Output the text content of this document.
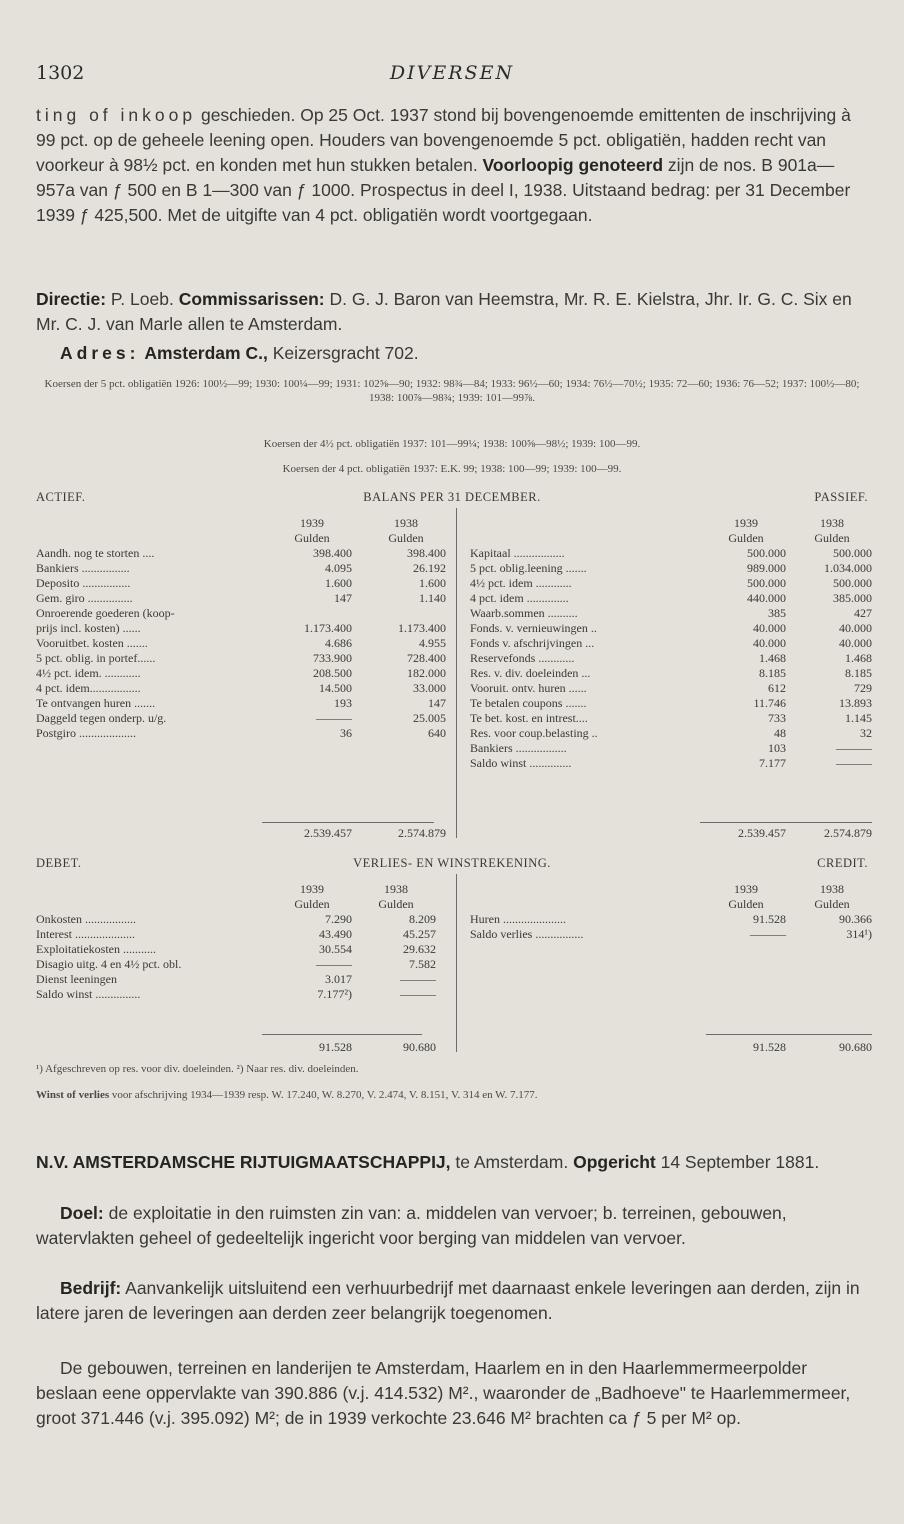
1302	DIVERSEN
ting of inkoop geschieden. Op 25 Oct. 1937 stond bij bovengenoemde emittenten de inschrijving à 99 pct. op de geheele leening open. Houders van bovengenoemde 5 pct. obligatiën, hadden recht van voorkeur à 98½ pct. en konden met hun stukken betalen. Voorloopig genoteerd zijn de nos. B 901a—957a van ƒ 500 en B 1—300 van ƒ 1000. Prospectus in deel I, 1938. Uitstaand bedrag: per 31 December 1939 ƒ 425,500. Met de uitgifte van 4 pct. obligatiën wordt voortgegaan.
Directie: P. Loeb. Commissarissen: D. G. J. Baron van Heemstra, Mr. R. E. Kielstra, Jhr. Ir. G. C. Six en Mr. C. J. van Marle allen te Amsterdam.
Adres: Amsterdam C., Keizersgracht 702.
Koersen der 5 pct. obligatiën 1926: 100½—99; 1930: 100¼—99; 1931: 102⅝—90; 1932: 98¾—84; 1933: 96½—60; 1934: 76½—70½; 1935: 72—60; 1936: 76—52; 1937: 100½—80; 1938: 100⅞—98¾; 1939: 101—99⅞.
Koersen der 4½ pct. obligatiën 1937: 101—99¼; 1938: 100⅝—98½; 1939: 100—99.
Koersen der 4 pct. obligatiën 1937: E.K. 99; 1938: 100—99; 1939: 100—99.
ACTIEF.	BALANS PER 31 DECEMBER.	PASSIEF.
1939	1938
Gulden	Gulden
Aandh. nog te storten ....	398.400	398.400
Bankiers ................	4.095	26.192
Deposito ................	1.600	1.600
Gem. giro ...............	147	1.140
Onroerende goederen (koop-
prijs incl. kosten) ......	1.173.400	1.173.400
Vooruitbet. kosten .......	4.686	4.955
5 pct. oblig. in portef......	733.900	728.400
4½ pct. idem. ............	208.500	182.000
4 pct. idem.................	14.500	33.000
Te ontvangen huren .......	193	147
Daggeld tegen onderp. u/g.	———	25.005
Postgiro ...................	36	640
1939	1938
Gulden	Gulden
Kapitaal .................	500.000	500.000
5 pct. oblig.leening .......	989.000	1.034.000
4½ pct. idem ............	500.000	500.000
4 pct. idem ..............	440.000	385.000
Waarb.sommen ..........	385	427
Fonds. v. vernieuwingen ..	40.000	40.000
Fonds v. afschrijvingen ...	40.000	40.000
Reservefonds ............	1.468	1.468
Res. v. div. doeleinden ...	8.185	8.185
Vooruit. ontv. huren ......	612	729
Te betalen coupons .......	11.746	13.893
Te bet. kost. en intrest....	733	1.145
Res. voor coup.belasting ..	48	32
Bankiers .................	103	———
Saldo winst ..............	7.177	———
2.539.457	2.574.879	2.539.457	2.574.879
DEBET.	VERLIES- EN WINSTREKENING.	CREDIT.
1939	1938
Gulden	Gulden
Onkosten .................	7.290	8.209
Interest ....................	43.490	45.257
Exploitatiekosten ...........	30.554	29.632
Disagio uitg. 4 en 4½ pct. obl.	———	7.582
Dienst leeningen	3.017	———
Saldo winst ...............	7.177²)	———
1939	1938
Gulden	Gulden
Huren .....................	91.528	90.366
Saldo verlies ................	———	314¹)
91.528	90.680	91.528	90.680
¹) Afgeschreven op res. voor div. doeleinden. ²) Naar res. div. doeleinden.
Winst of verlies voor afschrijving 1934—1939 resp. W. 17.240, W. 8.270, V. 2.474, V. 8.151, V. 314 en W. 7.177.
N.V. AMSTERDAMSCHE RIJTUIGMAATSCHAPPIJ, te Amsterdam. Opgericht 14 September 1881.
Doel: de exploitatie in den ruimsten zin van: a. middelen van vervoer; b. terreinen, gebouwen, watervlakten geheel of gedeeltelijk ingericht voor berging van middelen van vervoer.
Bedrijf: Aanvankelijk uitsluitend een verhuurbedrijf met daarnaast enkele leveringen aan derden, zijn in latere jaren de leveringen aan derden zeer belangrijk toegenomen.
De gebouwen, terreinen en landerijen te Amsterdam, Haarlem en in den Haarlemmermeerpolder beslaan eene oppervlakte van 390.886 (v.j. 414.532) M²., waaronder de „Badhoeve" te Haarlemmermeer, groot 371.446 (v.j. 395.092) M²; de in 1939 verkochte 23.646 M² brachten ca ƒ 5 per M² op.
